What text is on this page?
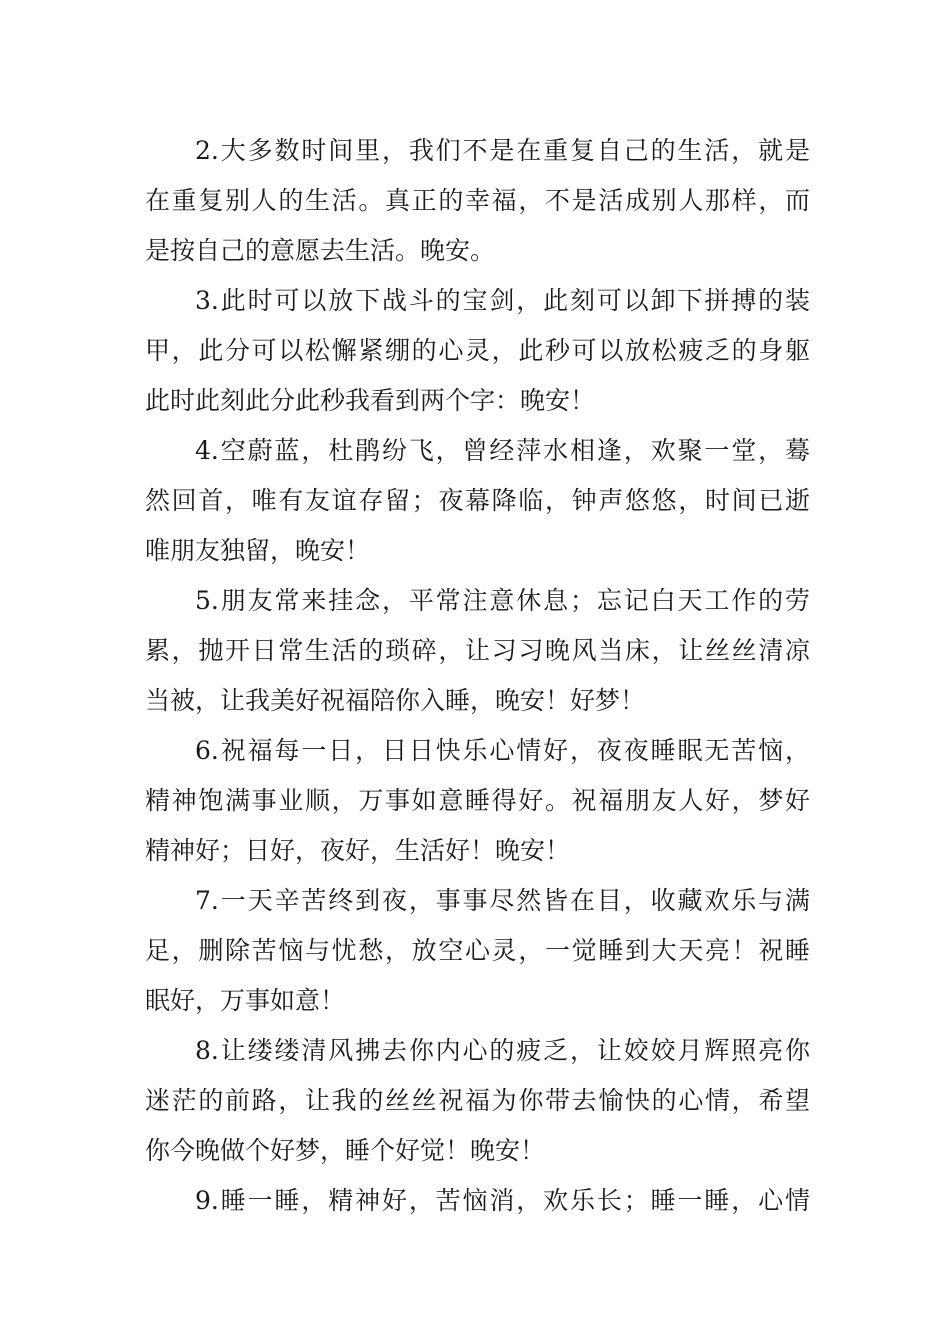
2.大多数时间里，我们不是在重复自己的生活，就是
在重复别人的生活。真正的幸福，不是活成别人那样，而
是按自己的意愿去生活。晚安。
3.此时可以放下战斗的宝剑，此刻可以卸下拼搏的装
甲，此分可以松懈紧绷的心灵，此秒可以放松疲乏的身躯
此时此刻此分此秒我看到两个字：晚安！
4.空蔚蓝，杜鹃纷飞，曾经萍水相逢，欢聚一堂，蓦
然回首，唯有友谊存留；夜幕降临，钟声悠悠，时间已逝
唯朋友独留，晚安！
5.朋友常来挂念，平常注意休息；忘记白天工作的劳
累，抛开日常生活的琐碎，让习习晚风当床，让丝丝清凉
当被，让我美好祝福陪你入睡，晚安！好梦！
6.祝福每一日，日日快乐心情好，夜夜睡眠无苦恼，
精神饱满事业顺，万事如意睡得好。祝福朋友人好，梦好
精神好；日好，夜好，生活好！晚安！
7.一天辛苦终到夜，事事尽然皆在目，收藏欢乐与满
足，删除苦恼与忧愁，放空心灵，一觉睡到大天亮！祝睡
眠好，万事如意！
8.让缕缕清风拂去你内心的疲乏，让姣姣月辉照亮你
迷茫的前路，让我的丝丝祝福为你带去愉快的心情，希望
你今晚做个好梦，睡个好觉！晚安！
9.睡一睡，精神好，苦恼消，欢乐长；睡一睡，心情
